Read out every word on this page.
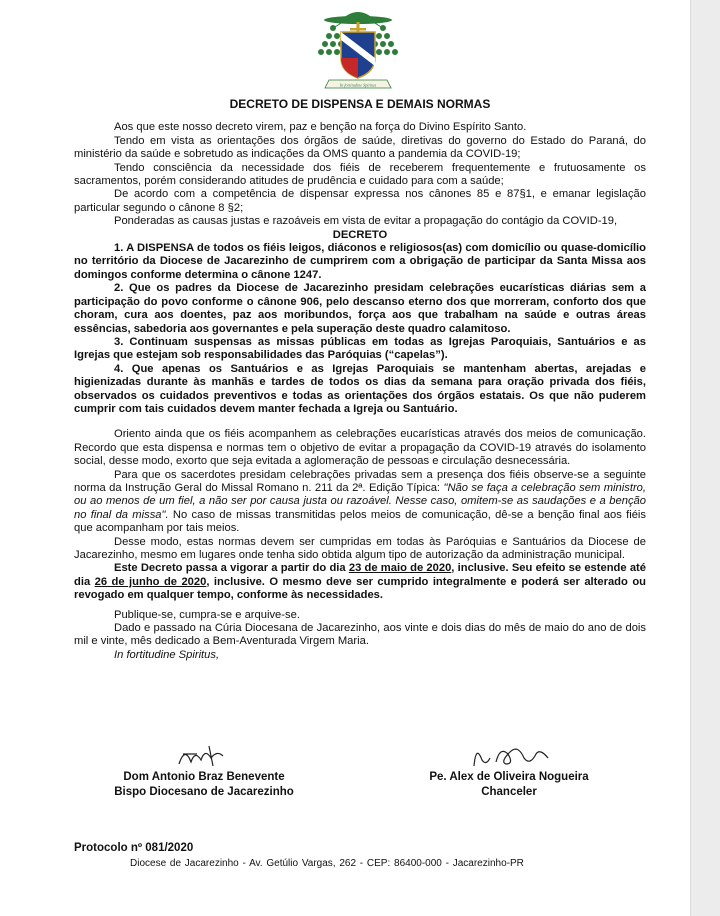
In fortitudine Spiritus
DECRETO DE DISPENSA E DEMAIS NORMAS

Aos que este nosso decreto virem, paz e benção na força do Divino Espírito Santo.

Tendo em vista as orientações dos órgãos de saúde, diretivas do governo do Estado do Paraná, do ministério da saúde e sobretudo as indicações da OMS quanto a pandemia da COVID-19;

Tendo consciência da necessidade dos fiéis de receberem frequentemente e frutuosamente os sacramentos, porém considerando atitudes de prudência e cuidado para com a saúde;

De acordo com a competência de dispensar expressa nos cânones 85 e 87§1, e emanar legislação particular segundo o cânone 8 §2;

Ponderadas as causas justas e razoáveis em vista de evitar a propagação do contágio da COVID-19,

DECRETO

1. A DISPENSA de todos os fiéis leigos, diáconos e religiosos(as) com domicílio ou quase-domicílio no território da Diocese de Jacarezinho de cumprirem com a obrigação de participar da Santa Missa aos domingos conforme determina o cânone 1247.

2. Que os padres da Diocese de Jacarezinho presidam celebrações eucarísticas diárias sem a participação do povo conforme o cânone 906, pelo descanso eterno dos que morreram, conforto dos que choram, cura aos doentes, paz aos moribundos, força aos que trabalham na saúde e outras áreas essências, sabedoria aos governantes e pela superação deste quadro calamitoso.

3. Continuam suspensas as missas públicas em todas as Igrejas Paroquiais, Santuários e as Igrejas que estejam sob responsabilidades das Paróquias (“capelas”).

4. Que apenas os Santuários e as Igrejas Paroquiais se mantenham abertas, arejadas e higienizadas durante às manhãs e tardes de todos os dias da semana para oração privada dos fiéis, observados os cuidados preventivos e todas as orientações dos órgãos estatais. Os que não puderem cumprir com tais cuidados devem manter fechada a Igreja ou Santuário.

Oriento ainda que os fiéis acompanhem as celebrações eucarísticas através dos meios de comunicação. Recordo que esta dispensa e normas tem o objetivo de evitar a propagação da COVID-19 através do isolamento social, desse modo, exorto que seja evitada a aglomeração de pessoas e circulação desnecessária.

Para que os sacerdotes presidam celebrações privadas sem a presença dos fiéis observe-se a seguinte norma da Instrução Geral do Missal Romano n. 211 da 2ª. Edição Típica: "Não se faça a celebração sem ministro, ou ao menos de um fiel, a não ser por causa justa ou razoável. Nesse caso, omitem-se as saudações e a benção no final da missa". No caso de missas transmitidas pelos meios de comunicação, dê-se a benção final aos fiéis que acompanham por tais meios.

Desse modo, estas normas devem ser cumpridas em todas às Paróquias e Santuários da Diocese de Jacarezinho, mesmo em lugares onde tenha sido obtida algum tipo de autorização da administração municipal.

Este Decreto passa a vigorar a partir do dia 23 de maio de 2020, inclusive. Seu efeito se estende até dia 26 de junho de 2020, inclusive. O mesmo deve ser cumprido integralmente e poderá ser alterado ou revogado em qualquer tempo, conforme às necessidades.

Publique-se, cumpra-se e arquive-se.

Dado e passado na Cúria Diocesana de Jacarezinho, aos vinte e dois dias do mês de maio do ano de dois mil e vinte, mês dedicado a Bem-Aventurada Virgem Maria.

In fortitudine Spiritus,

Dom Antonio Braz Benevente
Bispo Diocesano de Jacarezinho
Pe. Alex de Oliveira Nogueira
Chanceler
Protocolo nº 081/2020
Diocese de Jacarezinho - Av. Getúlio Vargas, 262 - CEP: 86400-000 - Jacarezinho-PR
